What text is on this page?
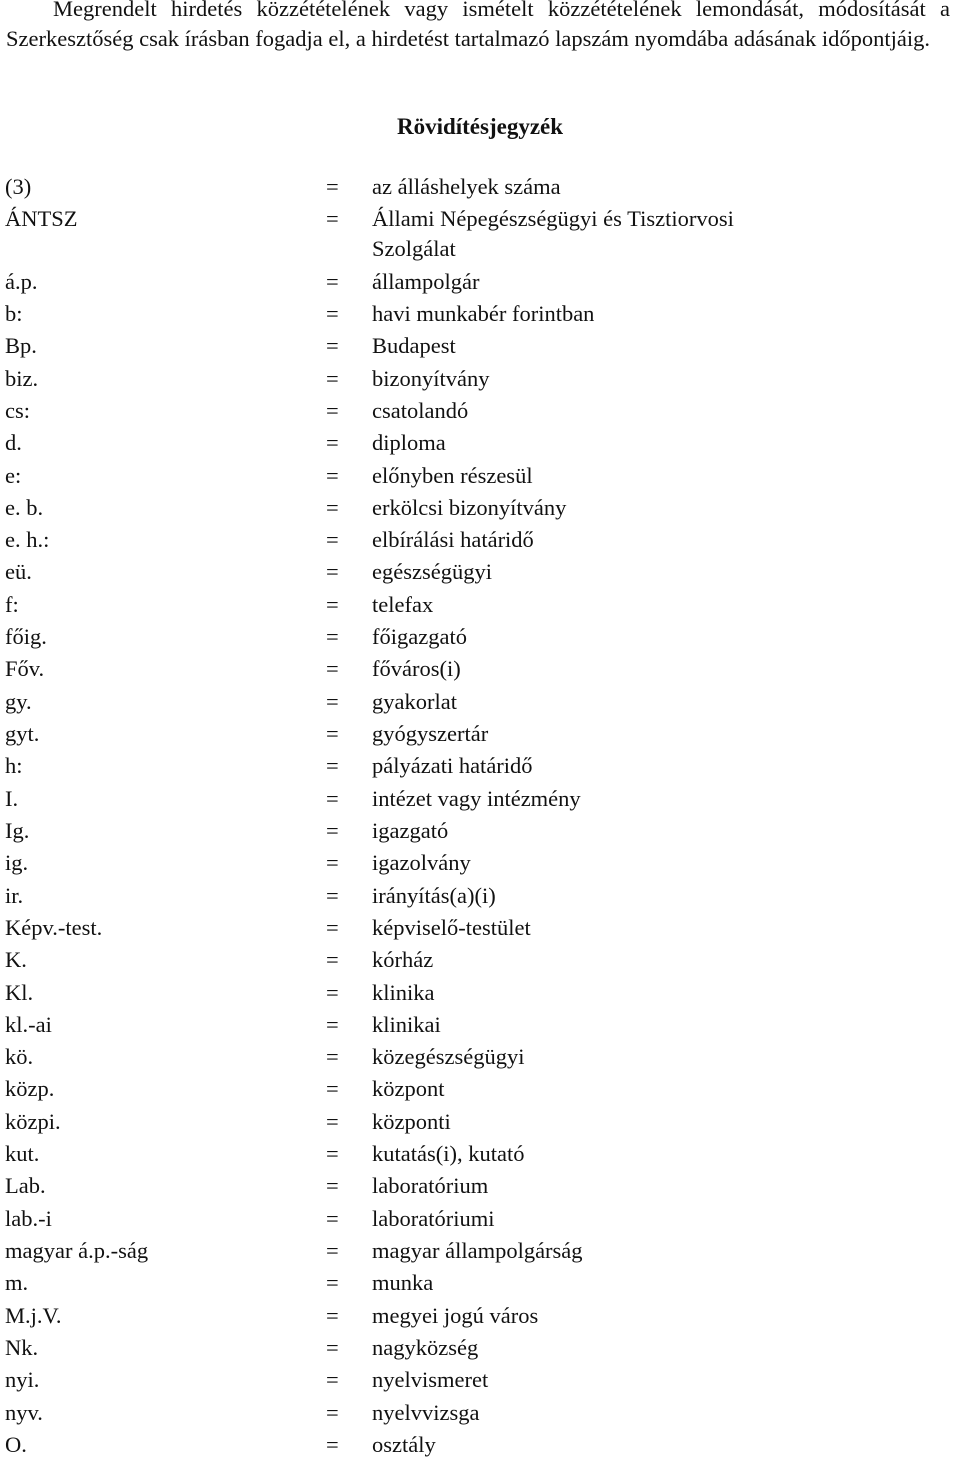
Megrendelt hirdetés közzétételének vagy ismételt közzétételének lemondását, módosítását a Szerkesztőség csak írásban fogadja el, a hirdetést tartalmazó lapszám nyomdába adásának időpontjáig.

Rövidítésjegyzék
(3)	=	az álláshelyek száma
ÁNTSZ	=	Állami Népegészségügyi és Tisztiorvosi Szolgálat
á.p.	=	állampolgár
b:	=	havi munkabér forintban
Bp.	=	Budapest
biz.	=	bizonyítvány
cs:	=	csatolandó
d.	=	diploma
e:	=	előnyben részesül
e. b.	=	erkölcsi bizonyítvány
e. h.:	=	elbírálási határidő
eü.	=	egészségügyi
f:	=	telefax
főig.	=	főigazgató
Főv.	=	főváros(i)
gy.	=	gyakorlat
gyt.	=	gyógyszertár
h:	=	pályázati határidő
I.	=	intézet vagy intézmény
Ig.	=	igazgató
ig.	=	igazolvány
ir.	=	irányítás(a)(i)
Képv.-test.	=	képviselő-testület
K.	=	kórház
Kl.	=	klinika
kl.-ai	=	klinikai
kö.	=	közegészségügyi
közp.	=	központ
közpi.	=	központi
kut.	=	kutatás(i), kutató
Lab.	=	laboratórium
lab.-i	=	laboratóriumi
magyar á.p.-ság	=	magyar állampolgárság
m.	=	munka
M.j.V.	=	megyei jogú város
Nk.	=	nagyközség
nyi.	=	nyelvismeret
nyv.	=	nyelvvizsga
O.	=	osztály
